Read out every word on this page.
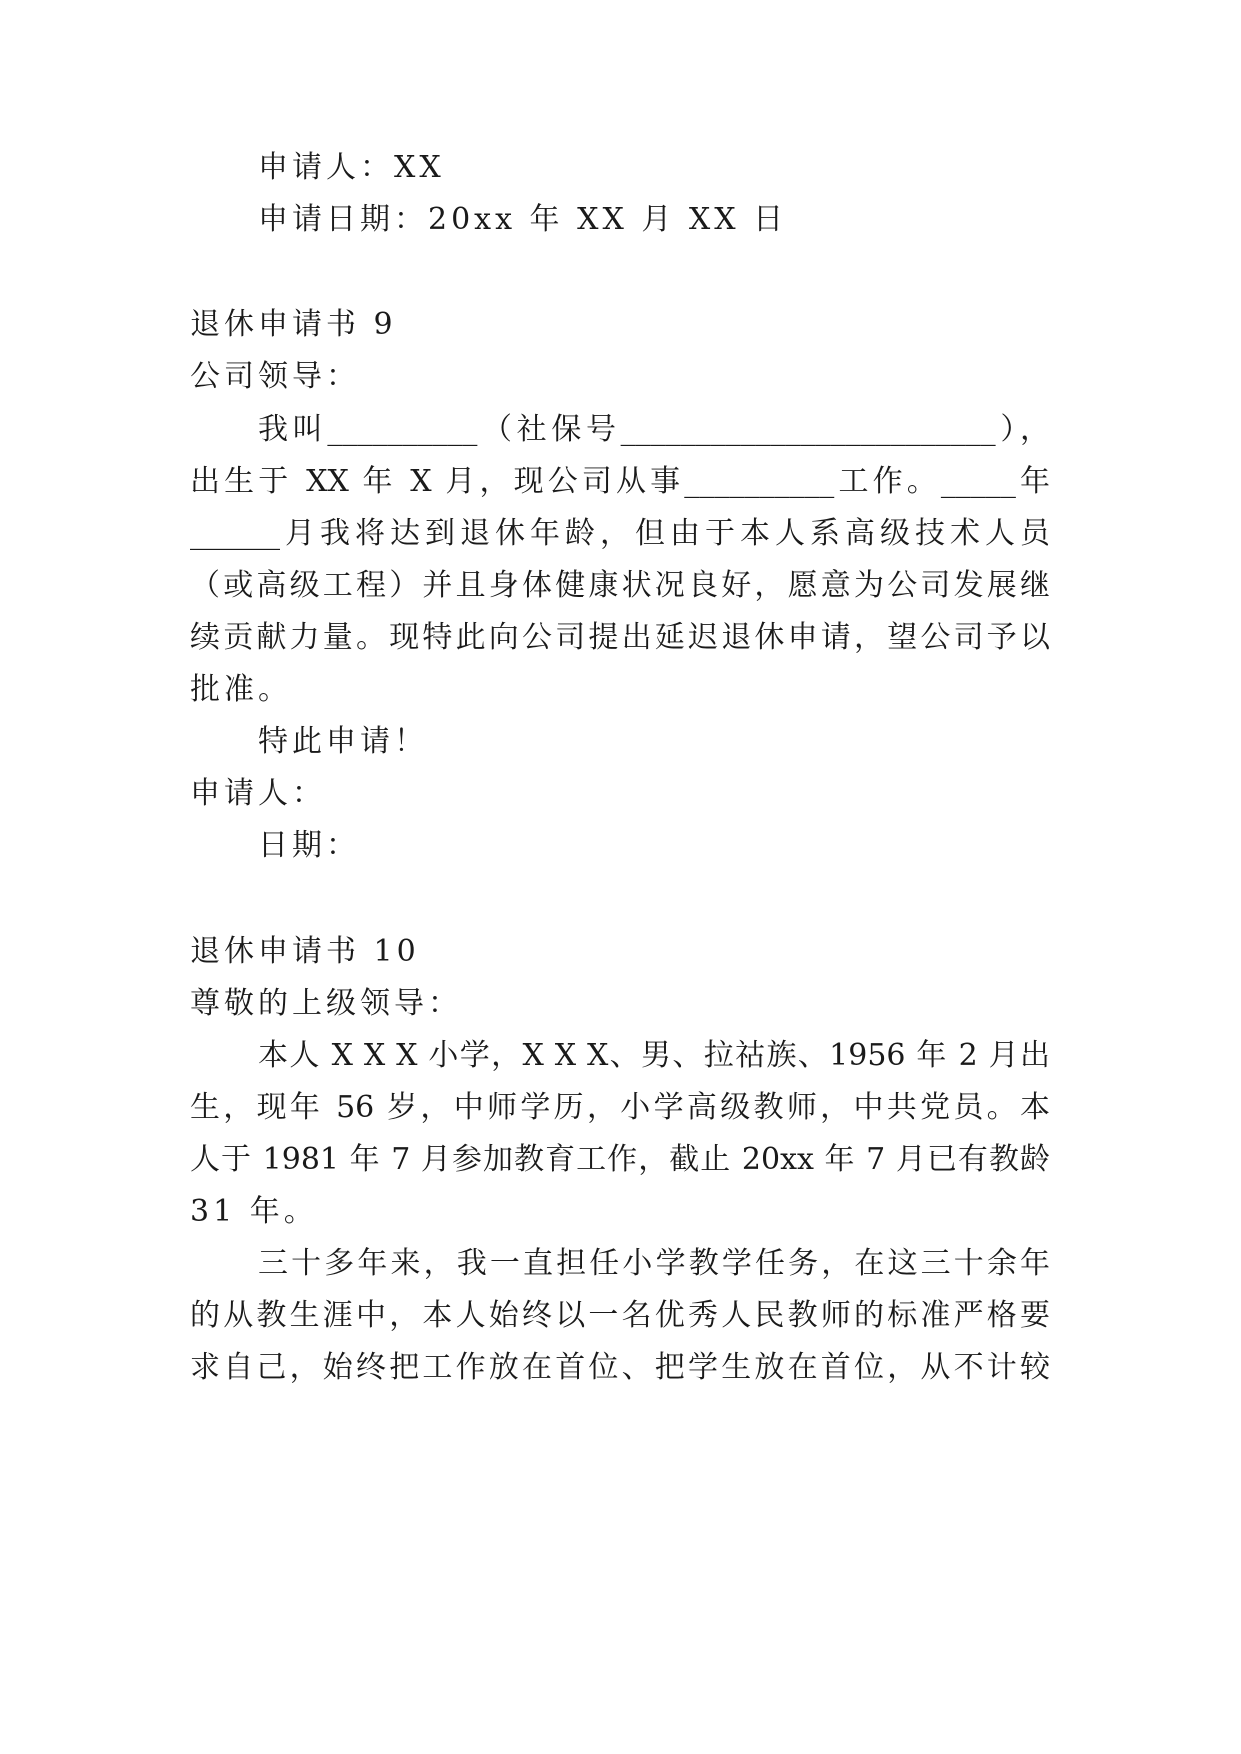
申请人：XX
申请日期：20xx 年 XX 月 XX 日
退休申请书 9
公司领导：
我叫__________（社保号_________________________），
出生于 XX 年 X 月，现公司从事__________工作。_____年
______月我将达到退休年龄，但由于本人系高级技术人员
（或高级工程）并且身体健康状况良好，愿意为公司发展继
续贡献力量。现特此向公司提出延迟退休申请，望公司予以
批准。
特此申请！
申请人：
日期：
退休申请书 10
尊敬的上级领导：
本人 X X X 小学，X X X、男、拉祜族、1956 年 2 月出
生，现年 56 岁，中师学历，小学高级教师，中共党员。本
人于 1981 年 7 月参加教育工作，截止 20xx 年 7 月已有教龄
31 年。
三十多年来，我一直担任小学教学任务，在这三十余年
的从教生涯中，本人始终以一名优秀人民教师的标准严格要
求自己，始终把工作放在首位、把学生放在首位，从不计较
